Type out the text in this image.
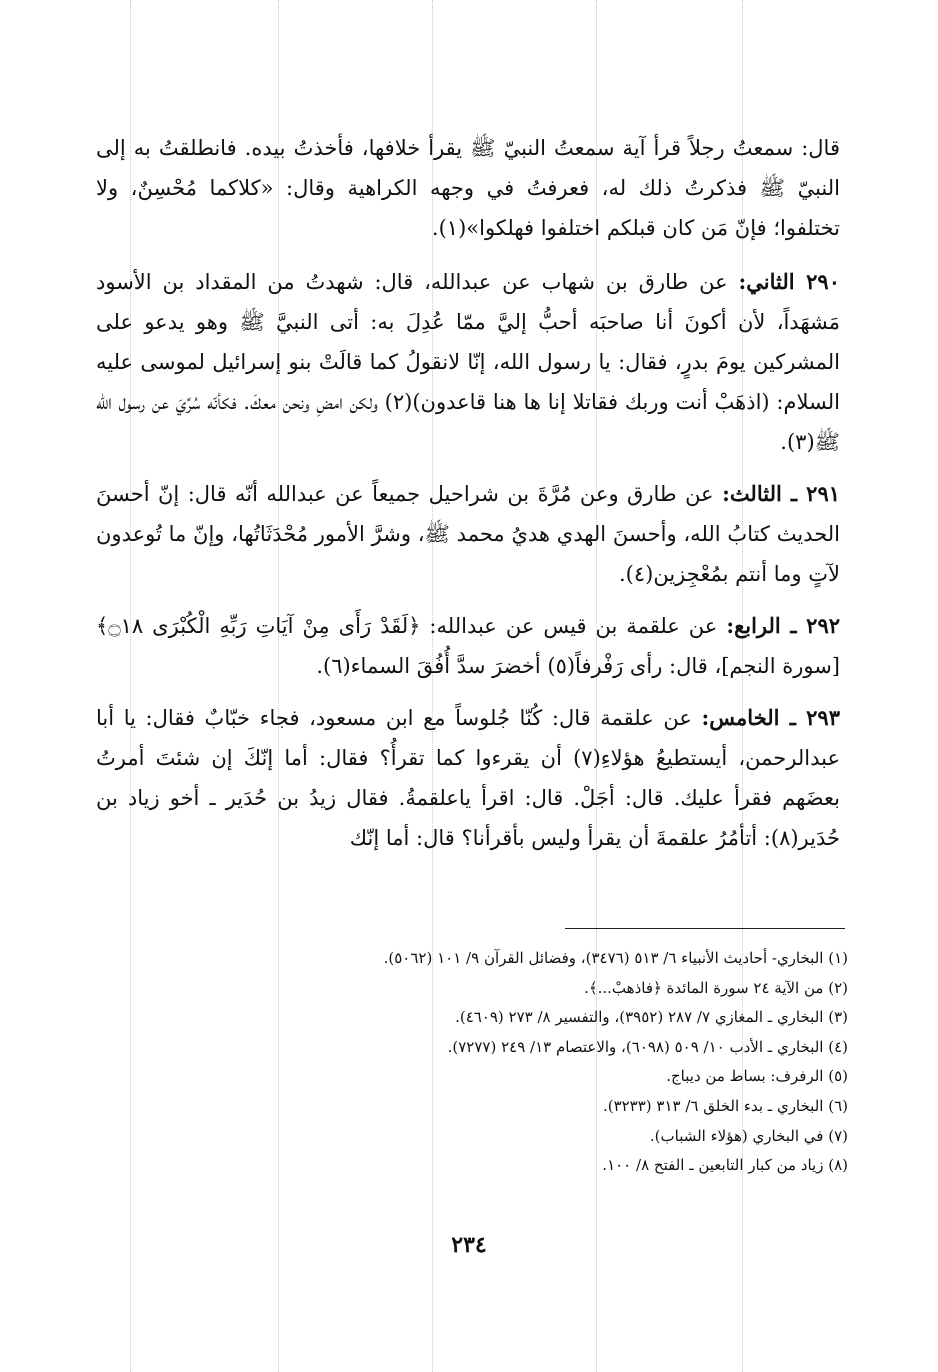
قال: سمعتُ رجلاً قرأ آية سمعتُ النبيّ ﷺ يقرأ خلافها، فأخذتُ بيده. فانطلقتُ به إلى النبيّ ﷺ فذكرتُ ذلك له، فعرفتُ في وجهه الكراهية وقال: «كلاكما مُحْسِنٌ، ولا تختلفوا؛ فإنّ مَن كان قبلكم اختلفوا فهلكوا»(١).

٢٩٠ الثاني: عن طارق بن شهاب عن عبدالله، قال: شهدتُ من المقداد بن الأسود مَشهَداً، لأن أكونَ أنا صاحبَه أحبُّ إليَّ ممّا عُدِلَ به: أتى النبيَّ ﷺ وهو يدعو على المشركين يومَ بدرٍ، فقال: يا رسول الله، إنّا لانقولُ كما قالَتْ بنو إسرائيل لموسى عليه السلام: (اذهَبْ أنت وربك فقاتلا إنا ها هنا قاعدون)(٢) ولكن امضِ ونحن معكَ. فكأنّه سُرِّيَ عن رسول الله ﷺ(٣).

٢٩١ ـ الثالث: عن طارق وعن مُرَّةَ بن شراحيل جميعاً عن عبدالله أنّه قال: إنّ أحسنَ الحديث كتابُ الله، وأحسنَ الهدي هديُ محمد ﷺ، وشرَّ الأمور مُحْدَثَاتُها، وإنّ ما تُوعدون لآتٍ وما أنتم بمُعْجِزين(٤).

٢٩٢ ـ الرابع: عن علقمة بن قيس عن عبدالله: ﴿لَقَدْ رَأَى مِنْ آيَاتِ رَبِّهِ الْكُبْرَى ۝١٨﴾[سورة النجم]، قال: رأى رَفْرفاً(٥) أخضرَ سدَّ أُفُقَ السماء(٦).

٢٩٣ ـ الخامس: عن علقمة قال: كُنّا جُلوساً مع ابن مسعود، فجاء خبّابٌ فقال: يا أبا عبدالرحمن، أيستطيعُ هؤلاءِ(٧) أن يقرءوا كما تقرأُ؟ فقال: أما إنّكَ إن شئتَ أمرتُ بعضَهم فقرأ عليك. قال: أجَلْ. قال: اقرأ ياعلقمةُ. فقال زيدُ بن حُدَير ـ أخو زياد بن حُدَير(٨): أتأمُرُ علقمةَ أن يقرأ وليس بأقرأنا؟ قال: أما إنّك

(١) البخاري- أحاديث الأنبياء ٦/ ٥١٣ (٣٤٧٦)، وفضائل القرآن ٩/ ١٠١ (٥٠٦٢).

(٢) من الآية ٢٤ سورة المائدة ﴿فاذهبْ...﴾.

(٣) البخاري ـ المغازي ٧/ ٢٨٧ (٣٩٥٢)، والتفسير ٨/ ٢٧٣ (٤٦٠٩).

(٤) البخاري ـ الأدب ١٠/ ٥٠٩ (٦٠٩٨)، والاعتصام ١٣/ ٢٤٩ (٧٢٧٧).

(٥) الرفرف: بساط من ديباج.

(٦) البخاري ـ بدء الخلق ٦/ ٣١٣ (٣٢٣٣).

(٧) في البخاري (هؤلاء الشباب).

(٨) زياد من كبار التابعين ـ الفتح ٨/ ١٠٠.

٢٣٤
